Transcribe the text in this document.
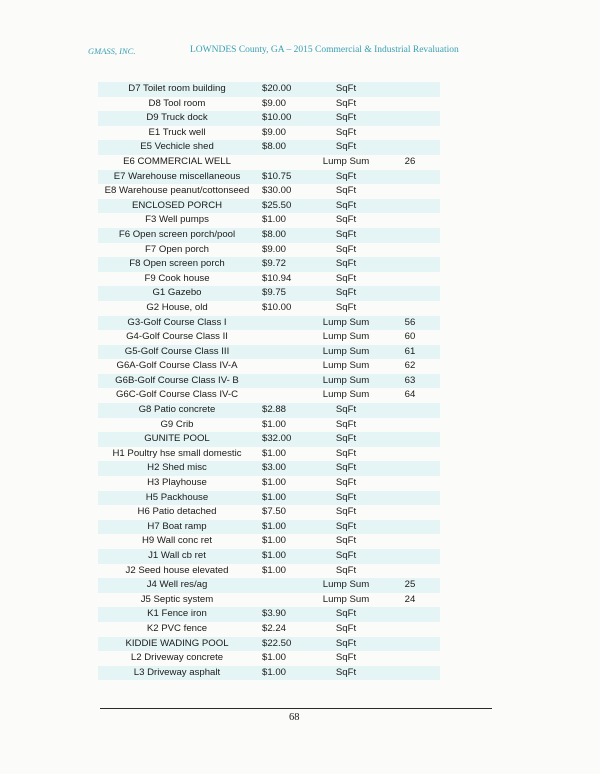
GMASS, INC.	LOWNDES County, GA – 2015 Commercial & Industrial Revaluation
D7 Toilet room building	$20.00	SqFt	
D8 Tool room	$9.00	SqFt	
D9 Truck dock	$10.00	SqFt	
E1 Truck well	$9.00	SqFt	
E5 Vechicle shed	$8.00	SqFt	
E6 COMMERCIAL WELL		Lump Sum	26
E7 Warehouse miscellaneous	$10.75	SqFt	
E8 Warehouse peanut/cottonseed	$30.00	SqFt	
ENCLOSED PORCH	$25.50	SqFt	
F3 Well pumps	$1.00	SqFt	
F6 Open screen porch/pool	$8.00	SqFt	
F7 Open porch	$9.00	SqFt	
F8 Open screen porch	$9.72	SqFt	
F9 Cook house	$10.94	SqFt	
G1 Gazebo	$9.75	SqFt	
G2 House, old	$10.00	SqFt	
G3-Golf Course Class I		Lump Sum	56
G4-Golf Course Class II		Lump Sum	60
G5-Golf Course Class III		Lump Sum	61
G6A-Golf Course Class IV-A		Lump Sum	62
G6B-Golf Course Class IV- B		Lump Sum	63
G6C-Golf Course Class IV-C		Lump Sum	64
G8 Patio concrete	$2.88	SqFt	
G9 Crib	$1.00	SqFt	
GUNITE POOL	$32.00	SqFt	
H1 Poultry hse small domestic	$1.00	SqFt	
H2 Shed misc	$3.00	SqFt	
H3 Playhouse	$1.00	SqFt	
H5 Packhouse	$1.00	SqFt	
H6 Patio detached	$7.50	SqFt	
H7 Boat ramp	$1.00	SqFt	
H9 Wall conc ret	$1.00	SqFt	
J1 Wall cb ret	$1.00	SqFt	
J2 Seed house elevated	$1.00	SqFt	
J4 Well res/ag		Lump Sum	25
J5 Septic system		Lump Sum	24
K1 Fence iron	$3.90	SqFt	
K2 PVC fence	$2.24	SqFt	
KIDDIE WADING POOL	$22.50	SqFt	
L2 Driveway concrete	$1.00	SqFt	
L3 Driveway asphalt	$1.00	SqFt	
68
